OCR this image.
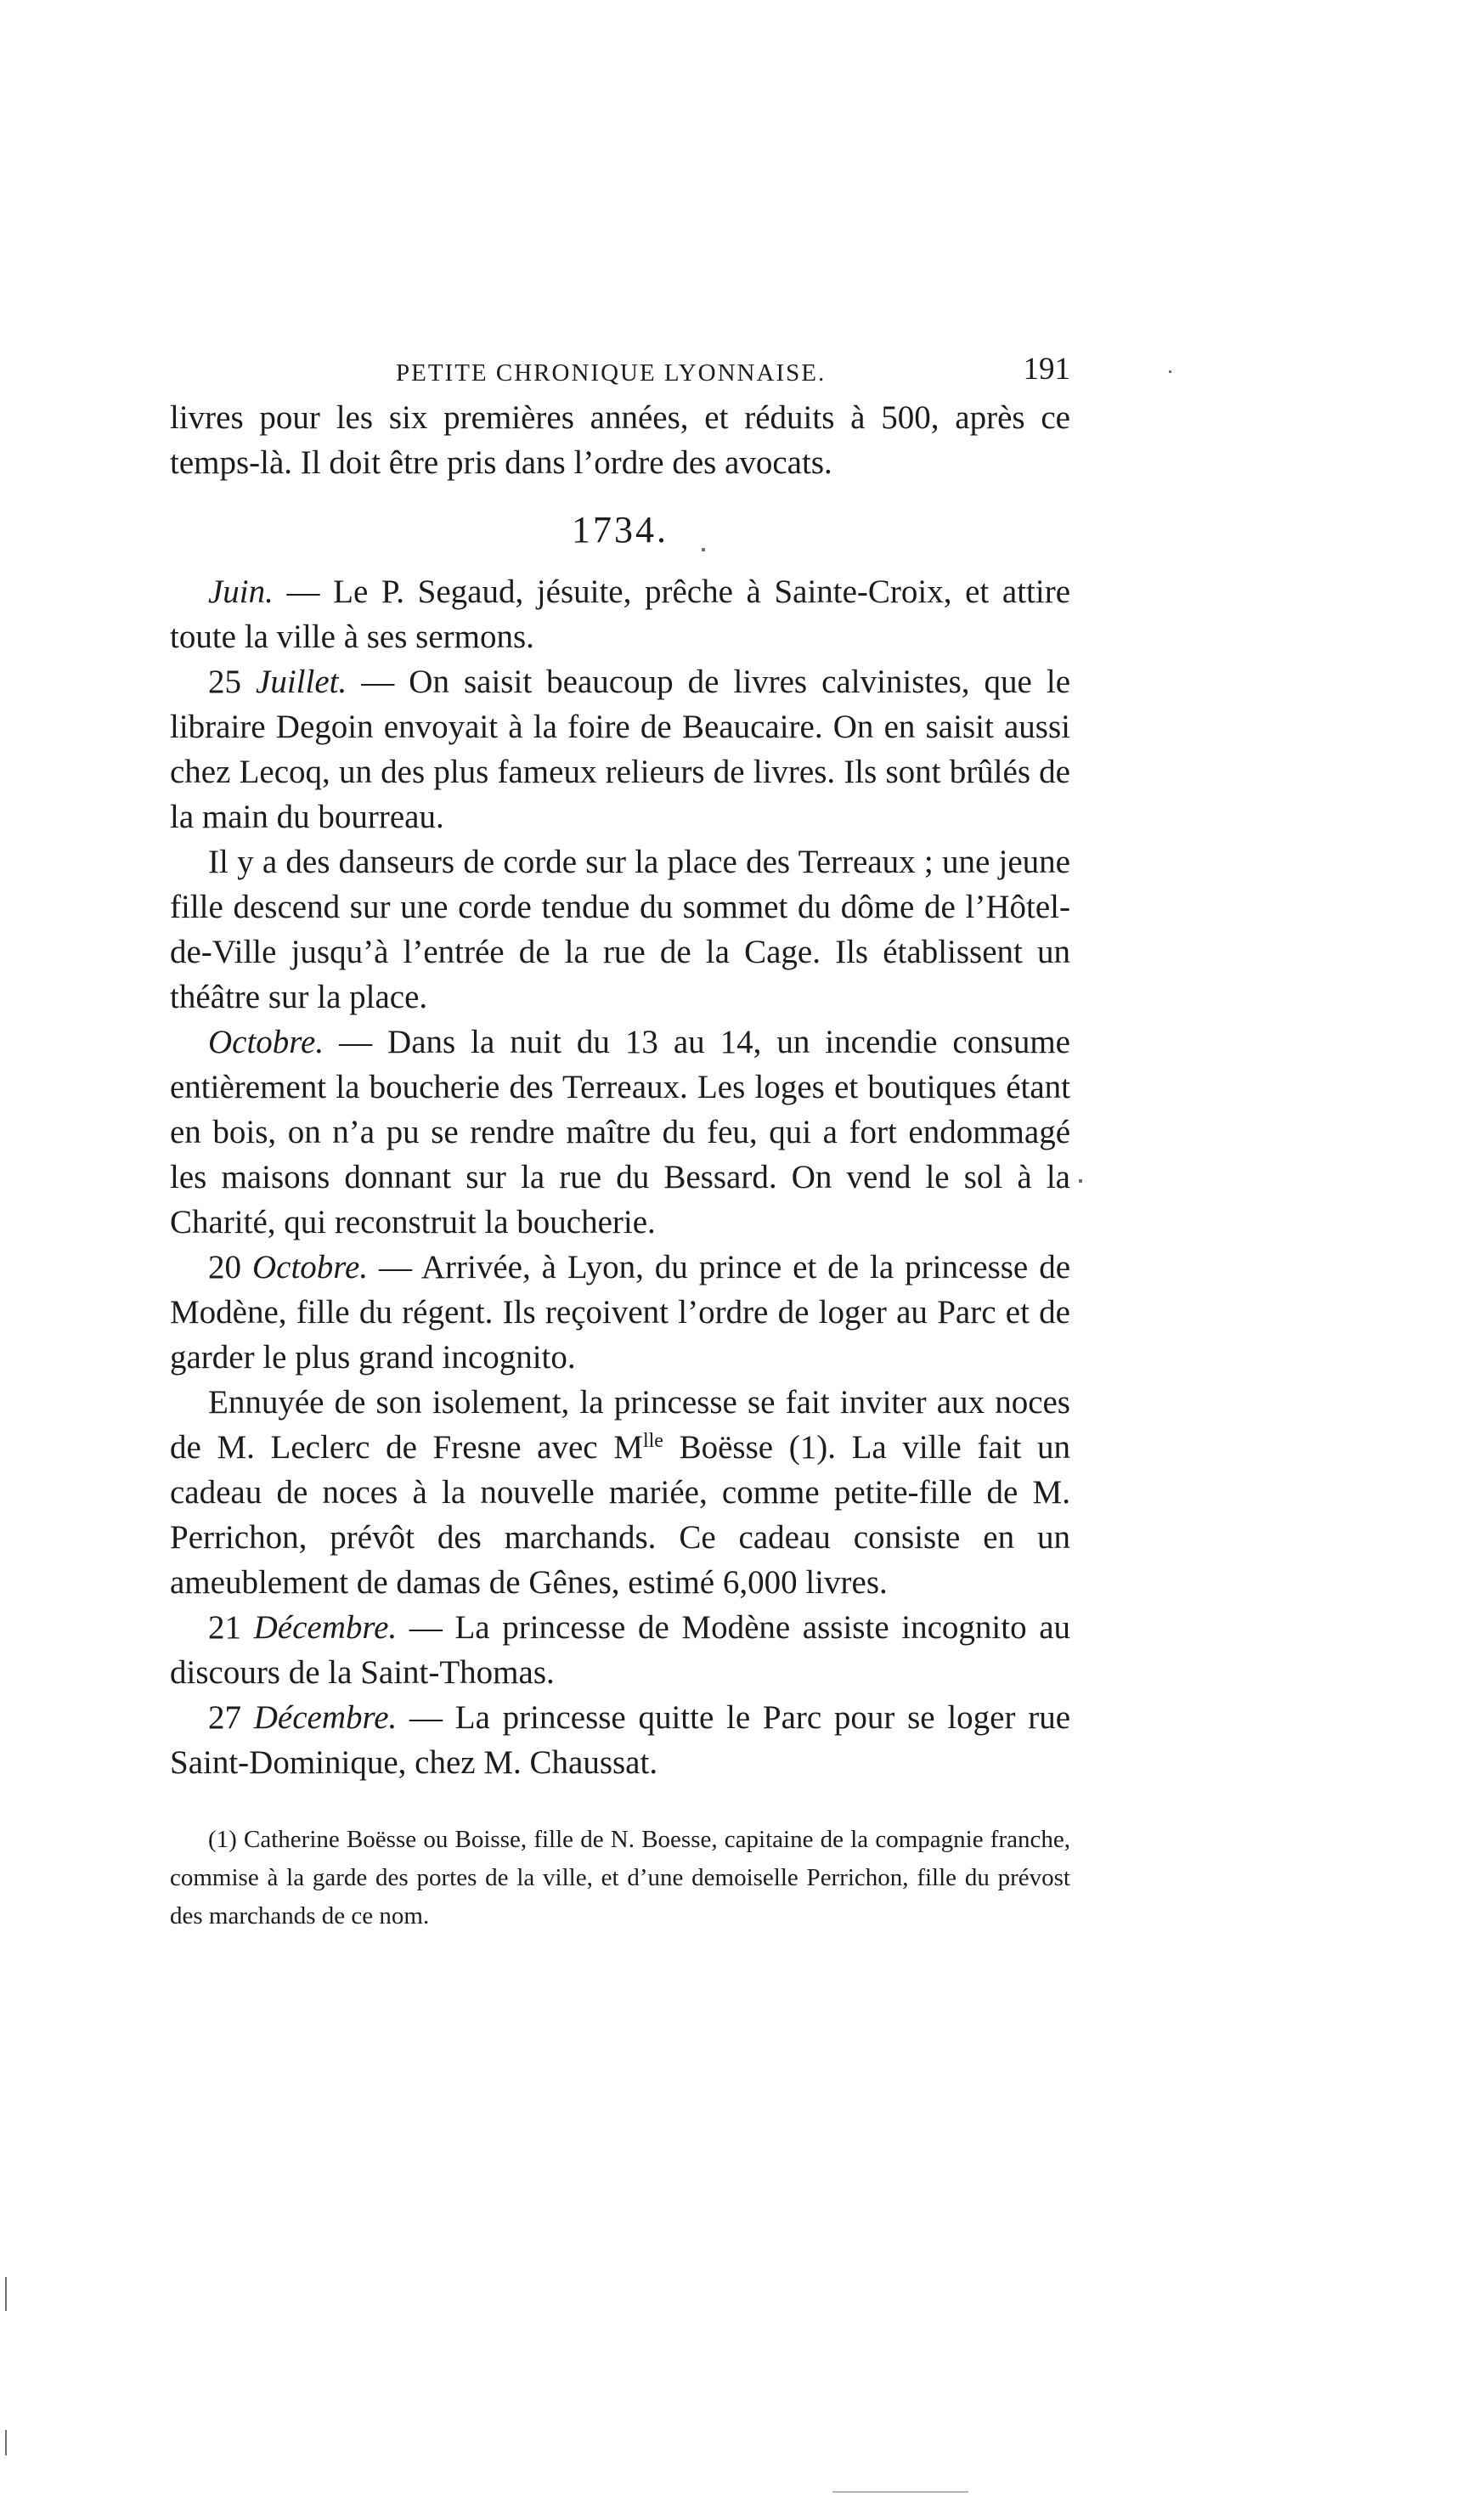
PETITE CHRONIQUE LYONNAISE.	191

livres pour les six premières années, et réduits à 500, après ce temps-là. Il doit être pris dans l’ordre des avocats.

1734.

Juin. — Le P. Segaud, jésuite, prêche à Sainte-Croix, et attire toute la ville à ses sermons.

25 Juillet. — On saisit beaucoup de livres calvinistes, que le libraire Degoin envoyait à la foire de Beaucaire. On en saisit aussi chez Lecoq, un des plus fameux relieurs de livres. Ils sont brûlés de la main du bourreau.

Il y a des danseurs de corde sur la place des Terreaux ; une jeune fille descend sur une corde tendue du sommet du dôme de l’Hôtel-de-Ville jusqu’à l’entrée de la rue de la Cage. Ils établissent un théâtre sur la place.

Octobre. — Dans la nuit du 13 au 14, un incendie consume entièrement la boucherie des Terreaux. Les loges et boutiques étant en bois, on n’a pu se rendre maître du feu, qui a fort endommagé les maisons donnant sur la rue du Bessard. On vend le sol à la Charité, qui reconstruit la boucherie.

20 Octobre. — Arrivée, à Lyon, du prince et de la princesse de Modène, fille du régent. Ils reçoivent l’ordre de loger au Parc et de garder le plus grand incognito.

Ennuyée de son isolement, la princesse se fait inviter aux noces de M. Leclerc de Fresne avec $M^{lle}$ Boësse (1). La ville fait un cadeau de noces à la nouvelle mariée, comme petite-fille de M. Perrichon, prévôt des marchands. Ce cadeau consiste en un ameublement de damas de Gênes, estimé 6,000 livres.

21 Décembre. — La princesse de Modène assiste incognito au discours de la Saint-Thomas.

27 Décembre. — La princesse quitte le Parc pour se loger rue Saint-Dominique, chez M. Chaussat.

(1) Catherine Boësse ou Boisse, fille de N. Boesse, capitaine de la compagnie franche, commise à la garde des portes de la ville, et d’une demoiselle Perrichon, fille du prévost des marchands de ce nom.
